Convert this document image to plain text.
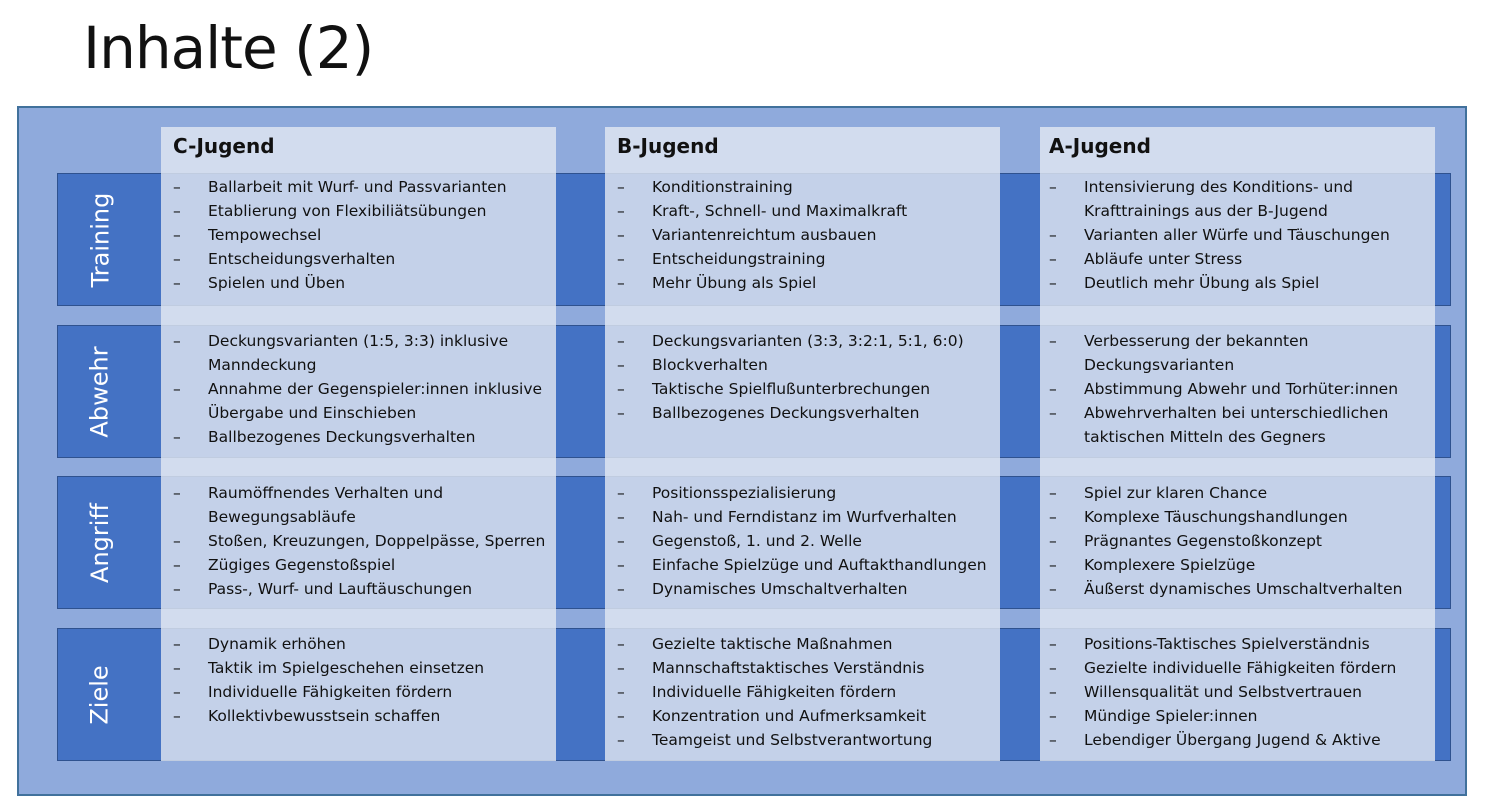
Inhalte (2)
Training
Abwehr
Angriff
Ziele
C-Jugend	B-Jugend	A-Jugend
– Ballarbeit mit Wurf- und Passvarianten
– Etablierung von Flexibiliätsübungen
– Tempowechsel
– Entscheidungsverhalten
– Spielen und Üben
– Konditionstraining
– Kraft-, Schnell- und Maximalkraft
– Variantenreichtum ausbauen
– Entscheidungstraining
– Mehr Übung als Spiel
– Intensivierung des Konditions- und
Krafttrainings aus der B-Jugend
– Varianten aller Würfe und Täuschungen
– Abläufe unter Stress
– Deutlich mehr Übung als Spiel
– Deckungsvarianten (1:5, 3:3) inklusive
Manndeckung
– Annahme der Gegenspieler:innen inklusive
Übergabe und Einschieben
– Ballbezogenes Deckungsverhalten
– Deckungsvarianten (3:3, 3:2:1, 5:1, 6:0)
– Blockverhalten
– Taktische Spielflußunterbrechungen
– Ballbezogenes Deckungsverhalten
– Verbesserung der bekannten
Deckungsvarianten
– Abstimmung Abwehr und Torhüter:innen
– Abwehrverhalten bei unterschiedlichen
taktischen Mitteln des Gegners
– Raumöffnendes Verhalten und
Bewegungsabläufe
– Stoßen, Kreuzungen, Doppelpässe, Sperren
– Zügiges Gegenstoßspiel
– Pass-, Wurf- und Lauftäuschungen
– Positionsspezialisierung
– Nah- und Ferndistanz im Wurfverhalten
– Gegenstoß, 1. und 2. Welle
– Einfache Spielzüge und Auftakthandlungen
– Dynamisches Umschaltverhalten
– Spiel zur klaren Chance
– Komplexe Täuschungshandlungen
– Prägnantes Gegenstoßkonzept
– Komplexere Spielzüge
– Äußerst dynamisches Umschaltverhalten
– Dynamik erhöhen
– Taktik im Spielgeschehen einsetzen
– Individuelle Fähigkeiten fördern
– Kollektivbewusstsein schaffen
– Gezielte taktische Maßnahmen
– Mannschaftstaktisches Verständnis
– Individuelle Fähigkeiten fördern
– Konzentration und Aufmerksamkeit
– Teamgeist und Selbstverantwortung
– Positions-Taktisches Spielverständnis
– Gezielte individuelle Fähigkeiten fördern
– Willensqualität und Selbstvertrauen
– Mündige Spieler:innen
– Lebendiger Übergang Jugend & Aktive
